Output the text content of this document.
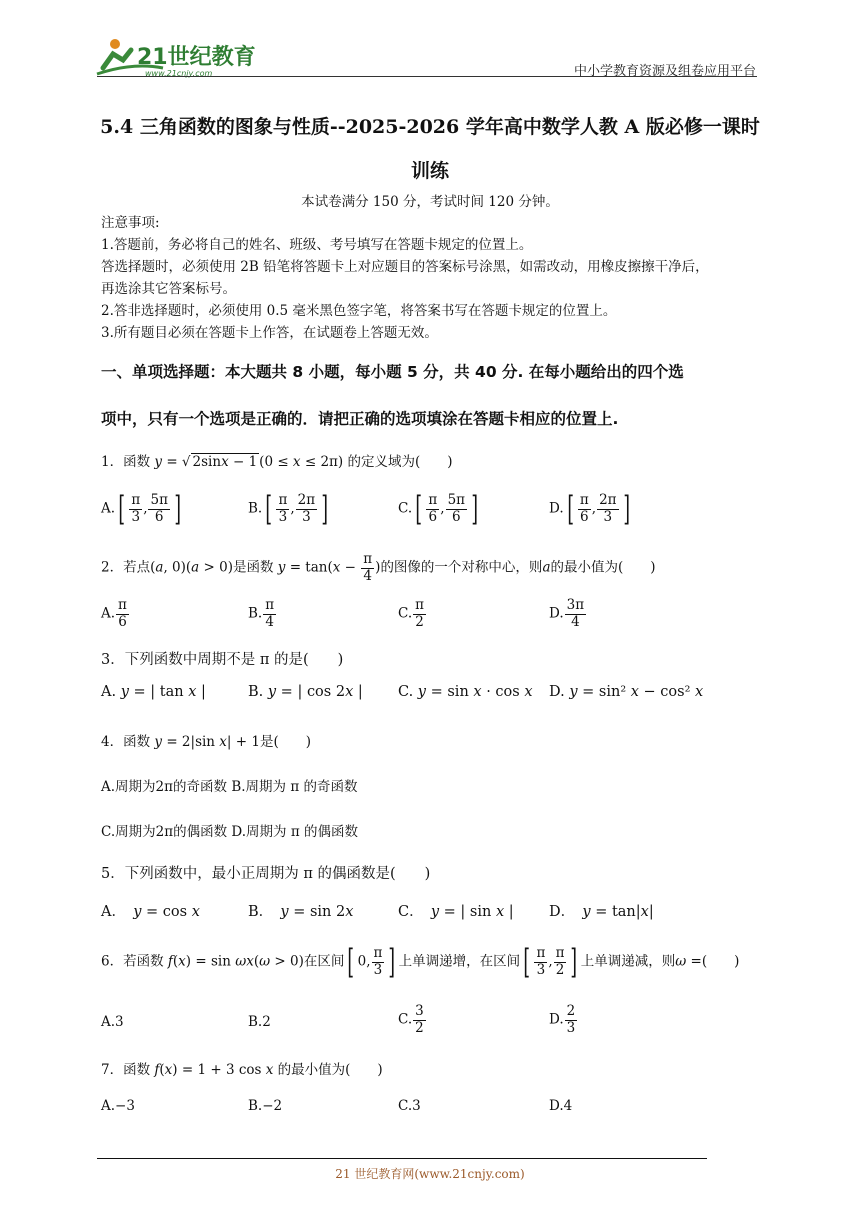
21世纪教育
www.21cnjy.com	中小学教育资源及组卷应用平台
5.4 三角函数的图象与性质--2025-2026 学年高中数学人教 A 版必修一课时
训练
本试卷满分 150 分，考试时间 120 分钟。
注意事项:
1.答题前，务必将自己的姓名、班级、考号填写在答题卡规定的位置上。
答选择题时，必须使用 2B 铅笔将答题卡上对应题目的答案标号涂黑，如需改动，用橡皮擦擦干净后，
再选涂其它答案标号。
2.答非选择题时，必须使用 0.5 毫米黑色签字笔，将答案书写在答题卡规定的位置上。
3.所有题目必须在答题卡上作答，在试题卷上答题无效。
一、单项选择题：本大题共 8 小题，每小题 5 分，共 40 分. 在每小题给出的四个选
项中，只有一个选项是正确的．请把正确的选项填涂在答题卡相应的位置上.
1．函数 y = √ 2sinx − 1 (0 ≤ x ≤ 2π) 的定义域为(　　)
$A.[ \frac{\pi}{3}$ , $\frac{5\pi}{6}$ ]	$B.[ \frac{\pi}{3}$ , $\frac{2\pi}{3}$ ]	$C.[ \frac{\pi}{6}$ , $\frac{5\pi}{6}$ ]	$D.[ \frac{\pi}{6}$ , $\frac{2\pi}{3}$ ]
2．若点(a, 0)(a > 0)是函数 $y = \tan(x - \frac{\pi}{4}$ )的图像的一个对称中心，则a的最小值为(　　)
A. $\frac{\pi}{6}$	B. $\frac{\pi}{4}$	C. $\frac{\pi}{2}$	D. $\frac{3\pi}{4}$
3．下列函数中周期不是 π 的是(　　)
A. y = | tan x |	B. y = | cos 2x | C. y = sin x · cos x D. y = sin² x − cos² x
4．函数 y = 2|sin x| + 1是(　　)
A.周期为2π的奇函数 B.周期为 π 的奇函数
C.周期为2π的偶函数 D.周期为 π 的偶函数
5．下列函数中，最小正周期为 π 的偶函数是(　　)
A．　 y = cos x	B．　 y = sin 2x	C．　 y = | sin x | D．　 y = tan|x|
6．若函数 f(x) = sin ωx(ω > 0)在区间[ 0, $\frac{\pi}{3}$ ] 上单调递增，在区间[ $\frac{\pi}{3}$ , $\frac{\pi}{2}$ ] 上单调递减，则ω =(　　)
A.3	B.2	C. $\frac{3}{2}$	D. $\frac{2}{3}$
7．函数 f(x) = 1 + 3 cos x 的最小值为(　　)
A.−3	B.−2	C.3	D.4
21 世纪教育网(www.21cnjy.com)
